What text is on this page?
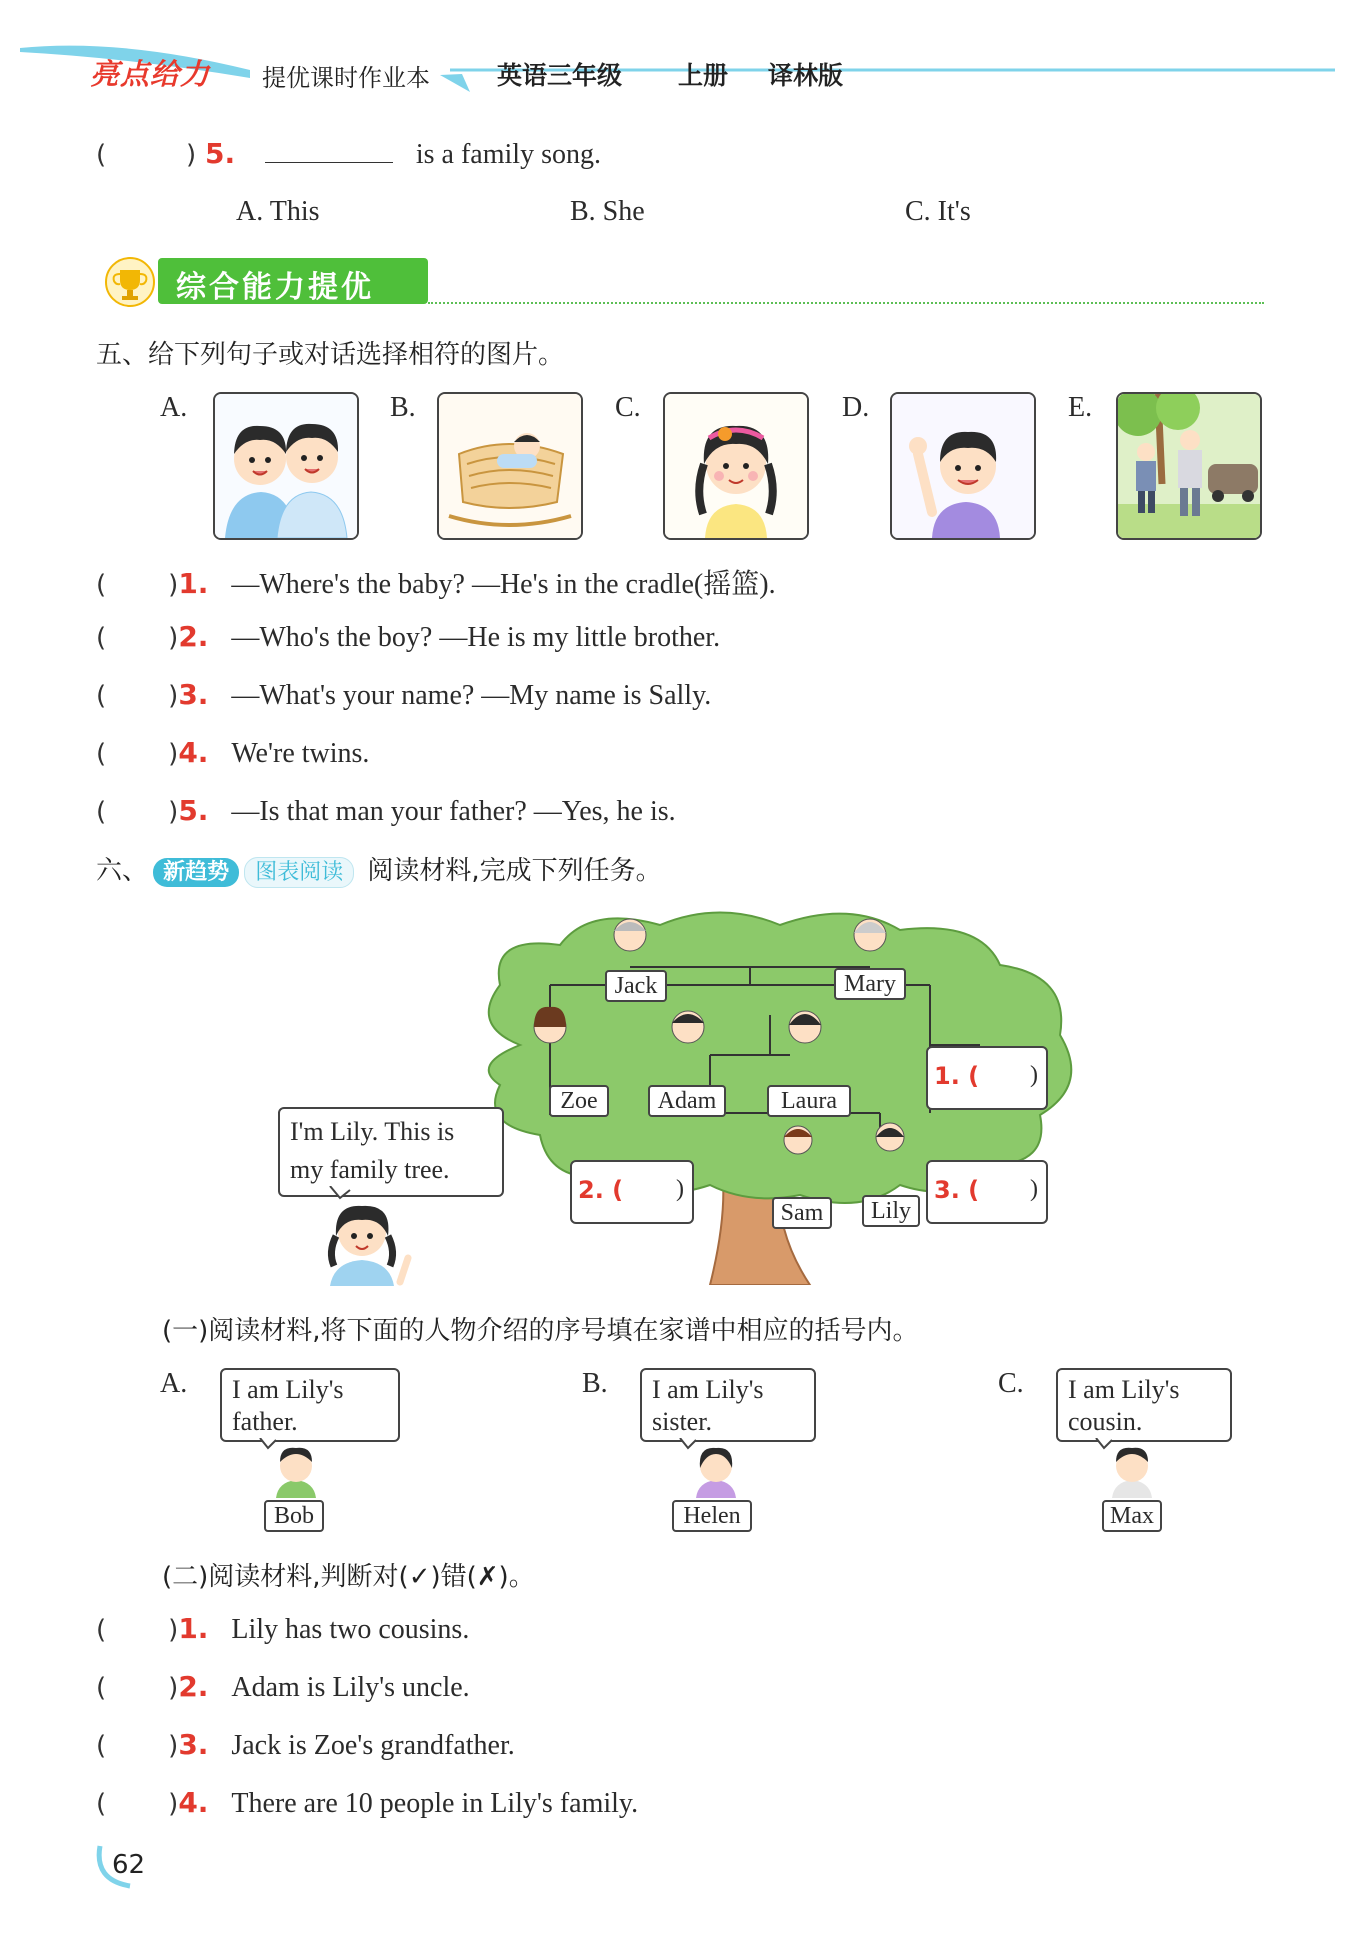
亮点给力 提优课时作业本	英语三年级 上册 译林版
(	) 5.	is a family song.
A. This	B. She	C. It's
综合能力提优
五、给下列句子或对话选择相符的图片。
A.	B.	C.	D.	E.
( )1. —Where's the baby? —He's in the cradle(摇篮).
( )2. —Who's the boy? —He is my little brother.
( )3. —What's your name? —My name is Sally.
( )4. We're twins.
( )5. —Is that man your father? —Yes, he is.
六、 新趋势 图表阅读 阅读材料,完成下列任务。
Jack	Mary
Zoe	Adam	Laura
Sam	Lily
1. ( )
2. ( )	3. ( )
I'm Lily. This is
my family tree.
(一)阅读材料,将下面的人物介绍的序号填在家谱中相应的括号内。
A. I am Lily's
father.
Bob
B. I am Lily's
sister.
Helen
C. I am Lily's
cousin.
Max
(二)阅读材料,判断对(✓)错(✗)。
( )1. Lily has two cousins.
( )2. Adam is Lily's uncle.
( )3. Jack is Zoe's grandfather.
( )4. There are 10 people in Lily's family.
62
